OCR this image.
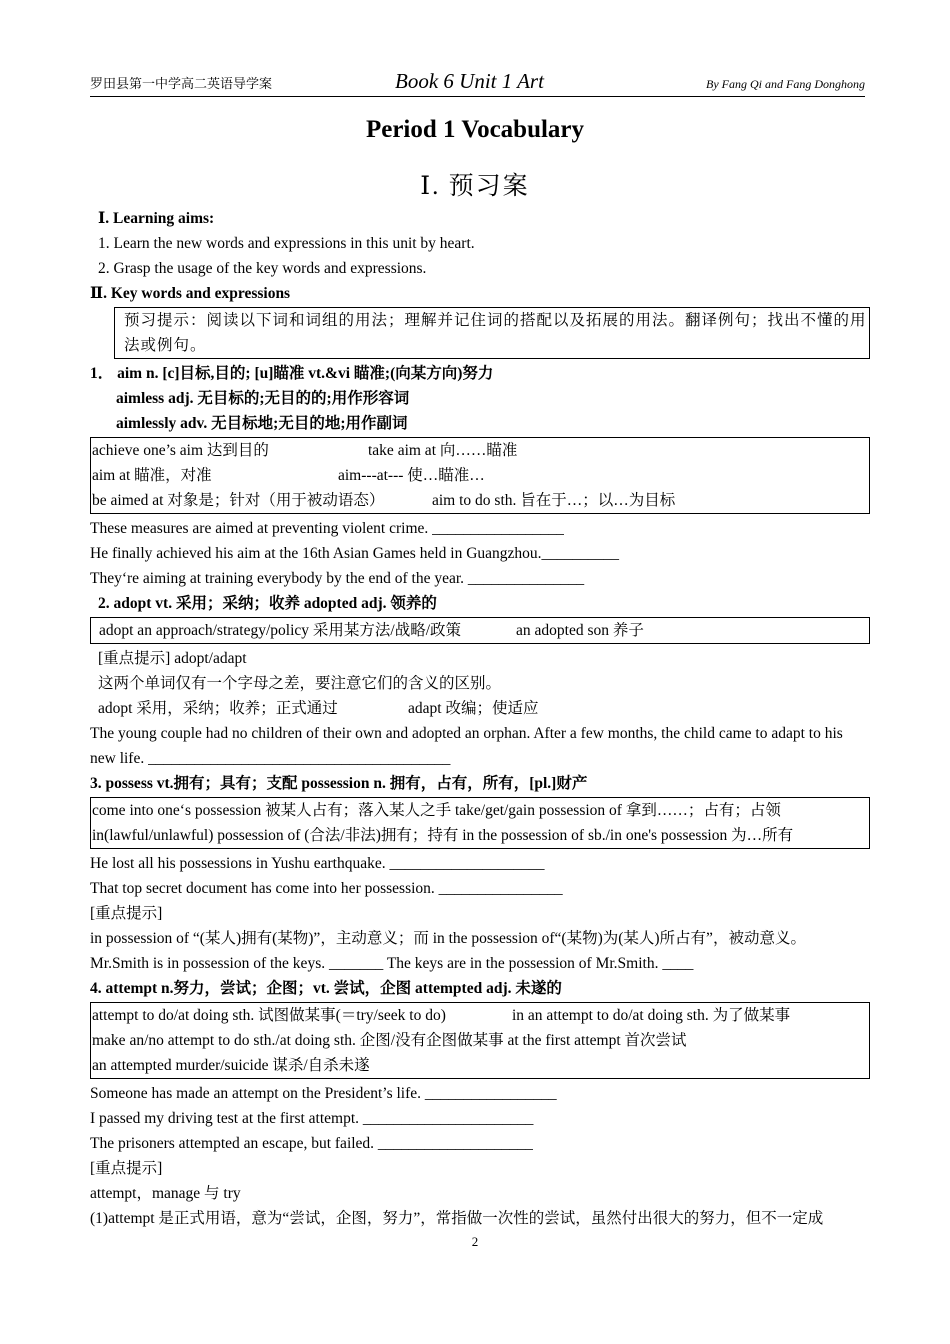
罗田县第一中学高二英语导学案	Book 6 Unit 1 Art	By Fang Qi and Fang Donghong
Period 1 Vocabulary
Ⅰ. 预习案
Ⅰ. Learning aims:
1. Learn the new words and expressions in this unit by heart.
2. Grasp the usage of the key words and expressions.
Ⅱ. Key words and expressions
预习提示：阅读以下词和词组的用法；理解并记住词的搭配以及拓展的用法。翻译例句；找出不懂的用
法或例句。
1． aim n. [c]目标,目的; [u]瞄准 vt.&vi 瞄准;(向某方向)努力
aimless adj. 无目标的;无目的的;用作形容词
aimlessly adv. 无目标地;无目的地;用作副词
achieve one’s aim 达到目的	take aim at 向……瞄准
aim at 瞄准，对准	aim---at--- 使…瞄准…
be aimed at 对象是；针对（用于被动语态）	aim to do sth. 旨在于…；以…为目标
These measures are aimed at preventing violent crime. _________________
He finally achieved his aim at the 16th Asian Games held in Guangzhou.__________
They‘re aiming at training everybody by the end of the year. _______________
2. adopt vt. 采用；采纳；收养 adopted adj. 领养的
adopt an approach/strategy/policy 采用某方法/战略/政策	an adopted son 养子
[重点提示] adopt/adapt
这两个单词仅有一个字母之差，要注意它们的含义的区别。
adopt 采用，采纳；收养；正式通过	adapt 改编；使适应
The young couple had no children of their own and adopted an orphan. After a few months, the child came to adapt to his new life. _______________________________________
3. possess vt.拥有；具有；支配 possession n. 拥有，占有，所有，[pl.]财产
come into one‘s possession 被某人占有；落入某人之手 take/get/gain possession of 拿到……；占有；占领
in(lawful/unlawful) possession of (合法/非法)拥有；持有 in the possession of sb./in one's possession 为…所有
He lost all his possessions in Yushu earthquake. ____________________
That top secret document has come into her possession. ________________
[重点提示]
in possession of “(某人)拥有(某物)”，主动意义；而 in the possession of“(某物)为(某人)所占有”，被动意义。
Mr.Smith is in possession of the keys. _______ The keys are in the possession of Mr.Smith. ____
4. attempt n.努力，尝试；企图；vt. 尝试，企图 attempted adj. 未遂的
attempt to do/at doing sth. 试图做某事(＝try/seek to do)	in an attempt to do/at doing sth. 为了做某事
make an/no attempt to do sth./at doing sth. 企图/没有企图做某事 at the first attempt 首次尝试
an attempted murder/suicide 谋杀/自杀未遂
Someone has made an attempt on the President’s life. _________________
I passed my driving test at the first attempt. ______________________
The prisoners attempted an escape, but failed. ____________________
[重点提示]
attempt，manage 与 try
(1)attempt 是正式用语，意为“尝试，企图，努力”，常指做一次性的尝试，虽然付出很大的努力，但不一定成
2
